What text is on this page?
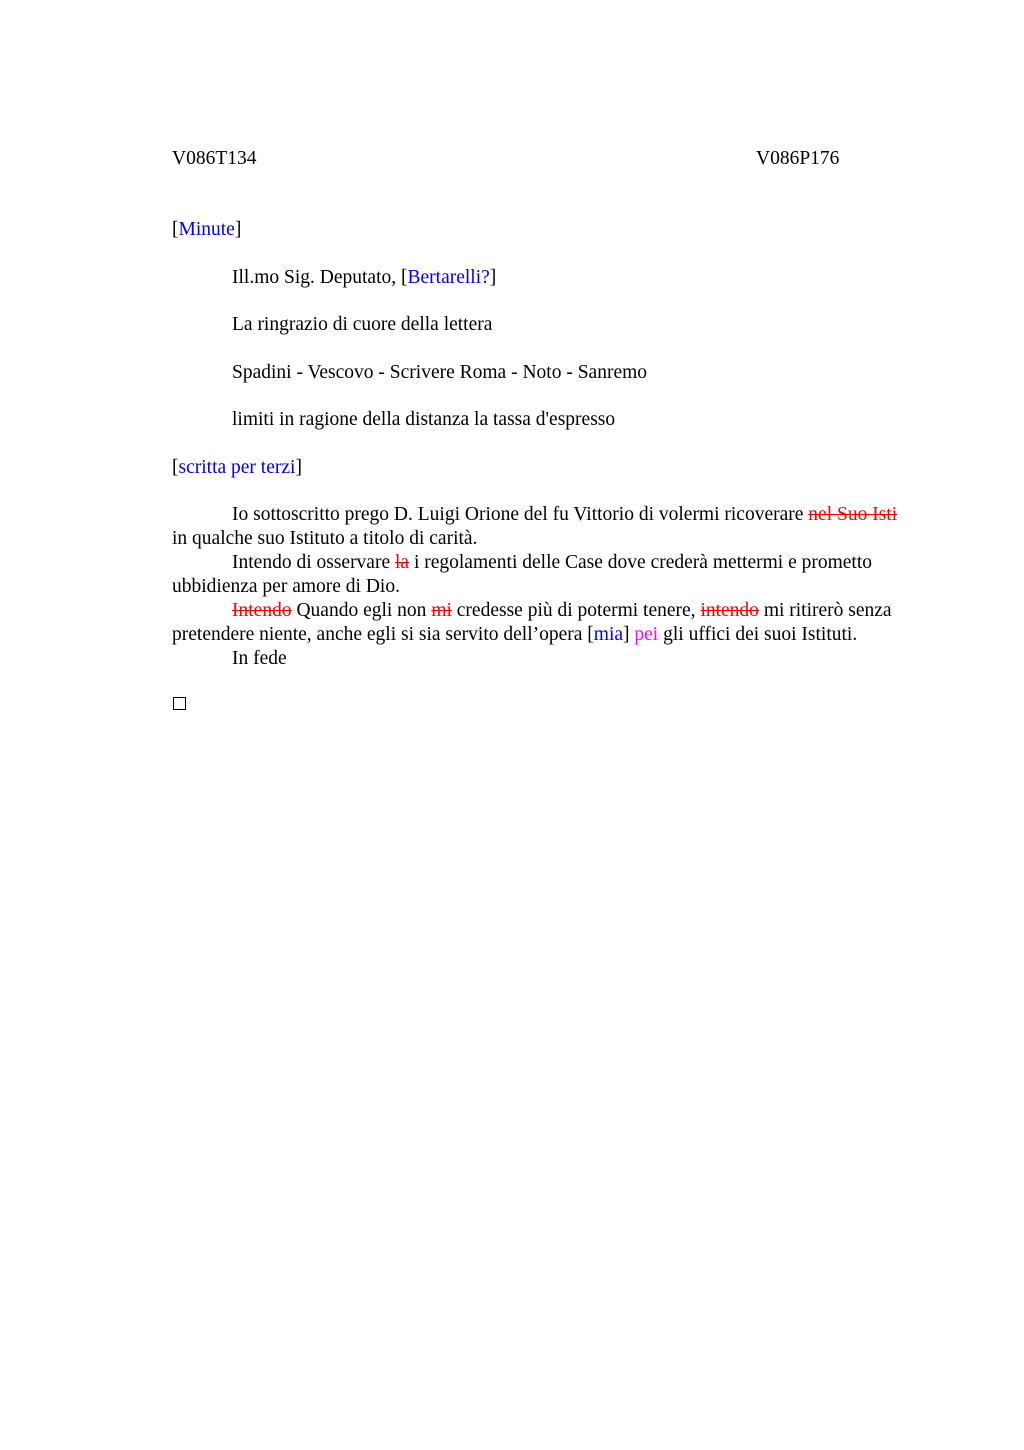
V086T134	V086P176
[Minute]
Ill.mo Sig. Deputato, [Bertarelli?]
La ringrazio di cuore della lettera
Spadini - Vescovo - Scrivere Roma - Noto - Sanremo
limiti in ragione della distanza la tassa d'espresso
[scritta per terzi]

Io sottoscritto prego D. Luigi Orione del fu Vittorio di volermi ricoverare nel Suo Isti in qualche suo Istituto a titolo di carità.

Intendo di osservare la i regolamenti delle Case dove crederà mettermi e prometto ubbidienza per amore di Dio.

Intendo Quando egli non mi credesse più di potermi tenere, intendo mi ritirerò senza pretendere niente, anche egli si sia servito dell’opera [mia] pei gli uffici dei suoi Istituti.

In fede
